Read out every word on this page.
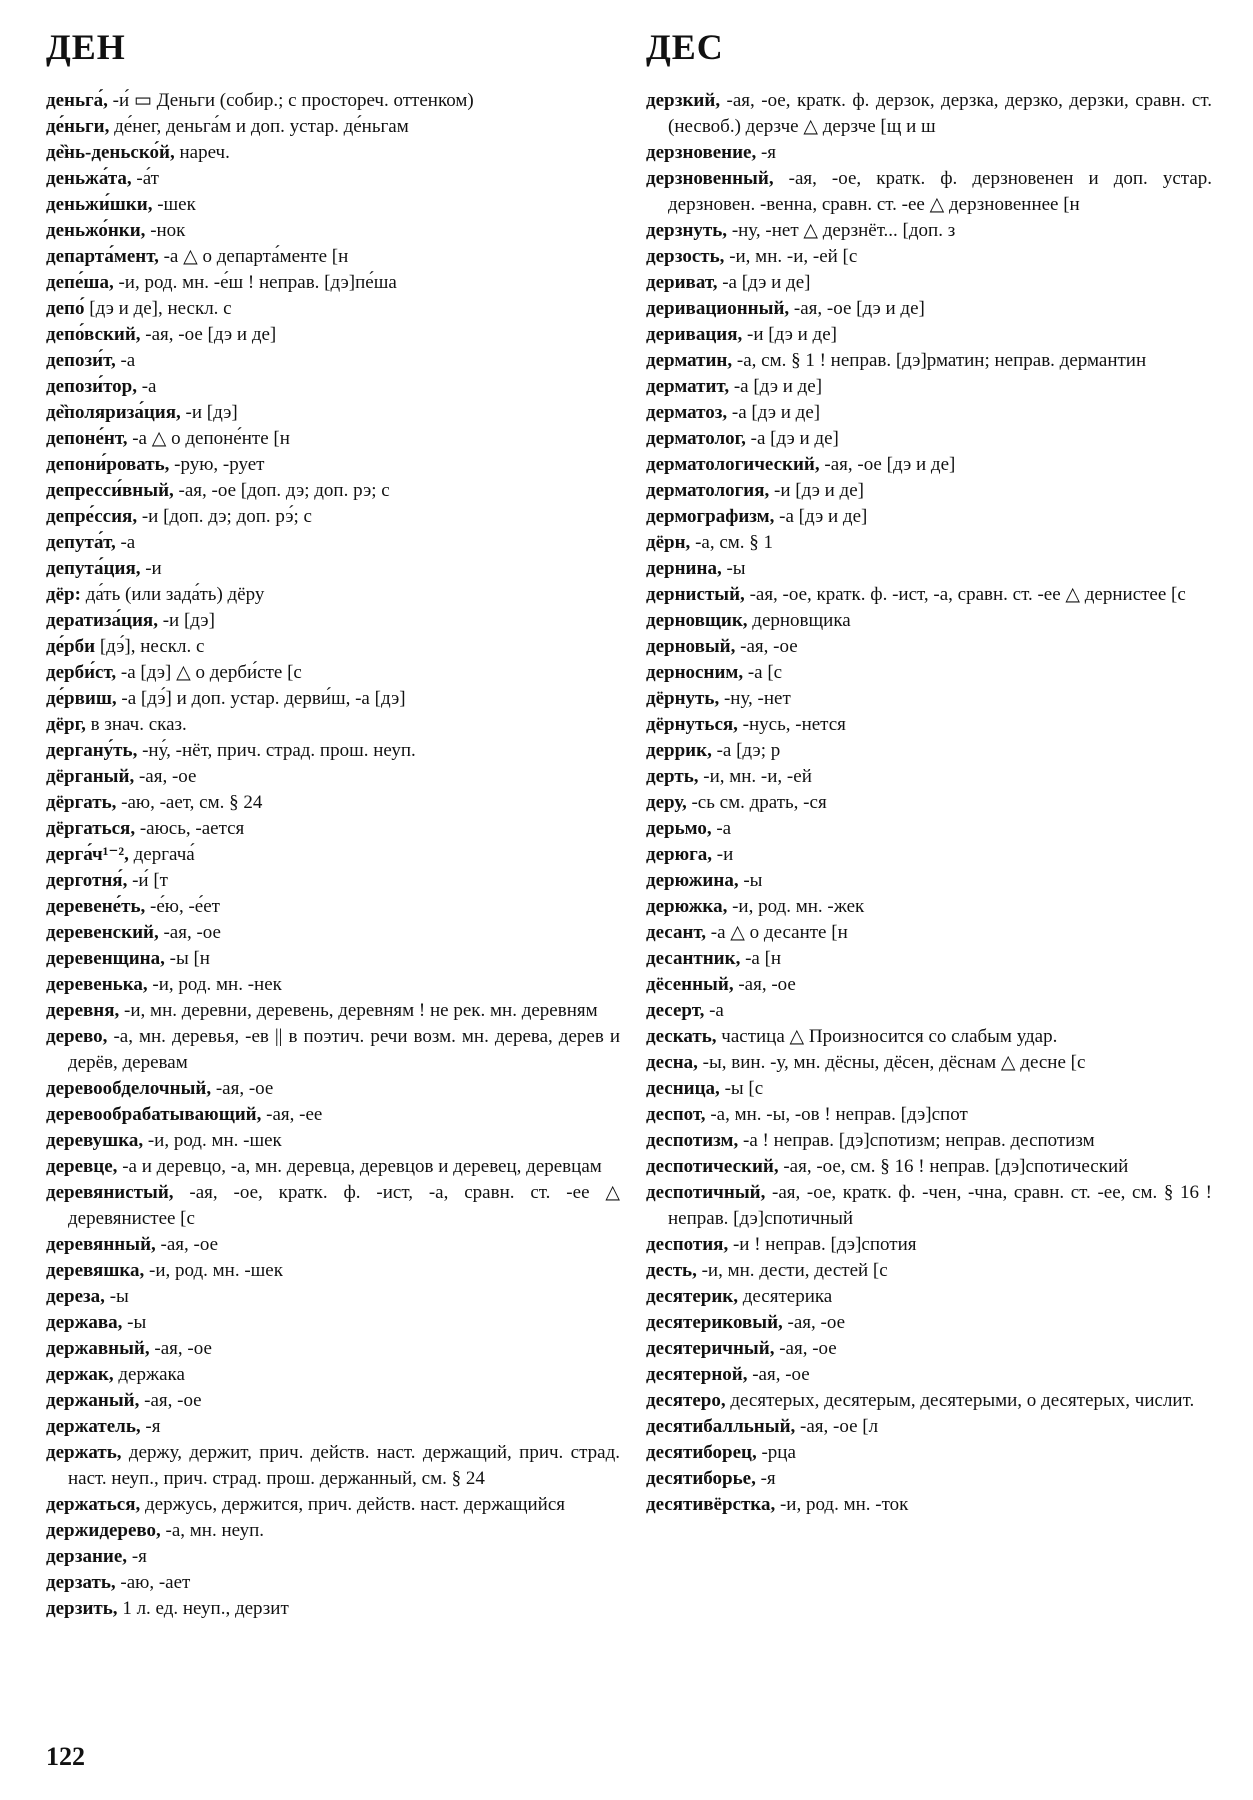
ДЕН	ДЕС

деньга́, -и́ ▭ Деньги (собир.; с простореч. оттенком)

де́ньги, де́нег, деньга́м и доп. устар. де́ньгам

де̏нь-деньско́й, нареч.

деньжа́та, -а́т

деньжи́шки, -шек

деньжо́нки, -нок

департа́мент, -а △ о департа́менте [н

депе́ша, -и, род. мн. -е́ш ! неправ. [дэ]пе́ша

депо́ [дэ и де], нескл. с

депо́вский, -ая, -ое [дэ и де]

депози́т, -а

депози́тор, -а

де̏поляриза́ция, -и [дэ]

депоне́нт, -а △ о депоне́нте [н

депони́ровать, -рую, -рует

депресси́вный, -ая, -ое [доп. дэ; доп. рэ; с

депре́ссия, -и [доп. дэ; доп. рэ́; с

депута́т, -а

депута́ция, -и

дёр: да́ть (или зада́ть) дёру

дератиза́ция, -и [дэ]

де́рби [дэ́], нескл. с

дерби́ст, -а [дэ] △ о дерби́сте [с

де́рвиш, -а [дэ́] и доп. устар. дерви́ш, -а [дэ]

дёрг, в знач. сказ.

дергану́ть, -ну́, -нёт, прич. страд. прош. неуп.

дёрганый, -ая, -ое

дёргать, -аю, -ает, см. § 24

дёргаться, -аюсь, -ается

дерга́ч¹⁻², дергача́

дерготня́, -и́ [т

деревене́ть, -е́ю, -е́ет

деревенский, -ая, -ое

деревенщина, -ы [н

деревенька, -и, род. мн. -нек

деревня, -и, мн. деревни, деревень, деревням ! не рек. мн. деревням

дерево, -а, мн. деревья, -ев || в поэтич. речи возм. мн. дерева, дерев и дерёв, деревам

деревообделочный, -ая, -ое

деревообрабатывающий, -ая, -ее

деревушка, -и, род. мн. -шек

деревце, -а и деревцо, -а, мн. деревца, деревцов и деревец, деревцам

деревянистый, -ая, -ое, кратк. ф. -ист, -а, сравн. ст. -ее △ деревянистее [с

деревянный, -ая, -ое

деревяшка, -и, род. мн. -шек

дереза, -ы

держава, -ы

державный, -ая, -ое

держак, держака

держаный, -ая, -ое

держатель, -я

держать, держу, держит, прич. действ. наст. держащий, прич. страд. наст. неуп., прич. страд. прош. держанный, см. § 24

держаться, держусь, держится, прич. действ. наст. держащийся

держидерево, -а, мн. неуп.

дерзание, -я

дерзать, -аю, -ает

дерзить, 1 л. ед. неуп., дерзит

дерзкий, -ая, -ое, кратк. ф. дерзок, дерзка, дерзко, дерзки, сравн. ст. (несвоб.) дерзче △ дерзче [щ и ш

дерзновение, -я

дерзновенный, -ая, -ое, кратк. ф. дерзновенен и доп. устар. дерзновен. -венна, сравн. ст. -ее △ дерзновеннее [н

дерзнуть, -ну, -нет △ дерзнёт... [доп. з

дерзость, -и, мн. -и, -ей [с

дериват, -а [дэ и де]

деривационный, -ая, -ое [дэ и де]

деривация, -и [дэ и де]

дерматин, -а, см. § 1 ! неправ. [дэ]рматин; неправ. дермантин

дерматит, -а [дэ и де]

дерматоз, -а [дэ и де]

дерматолог, -а [дэ и де]

дерматологический, -ая, -ое [дэ и де]

дерматология, -и [дэ и де]

дермографизм, -а [дэ и де]

дёрн, -а, см. § 1

дернина, -ы

дернистый, -ая, -ое, кратк. ф. -ист, -а, сравн. ст. -ее △ дернистее [с

дерновщик, дерновщика

дерновый, -ая, -ое

дерносним, -а [с

дёрнуть, -ну, -нет

дёрнуться, -нусь, -нется

деррик, -а [дэ; р

дерть, -и, мн. -и, -ей

деру, -сь см. драть, -ся

дерьмо, -а

дерюга, -и

дерюжина, -ы

дерюжка, -и, род. мн. -жек

десант, -а △ о десанте [н

десантник, -а [н

дёсенный, -ая, -ое

десерт, -а

дескать, частица △ Произносится со слабым удар.

десна, -ы, вин. -у, мн. дёсны, дёсен, дёснам △ десне [с

десница, -ы [с

деспот, -а, мн. -ы, -ов ! неправ. [дэ]спот

деспотизм, -а ! неправ. [дэ]спотизм; неправ. деспотизм

деспотический, -ая, -ое, см. § 16 ! неправ. [дэ]спотический

деспотичный, -ая, -ое, кратк. ф. -чен, -чна, сравн. ст. -ее, см. § 16 ! неправ. [дэ]спотичный

деспотия, -и ! неправ. [дэ]спотия

десть, -и, мн. дести, дестей [с

десятерик, десятерика

десятериковый, -ая, -ое

десятеричный, -ая, -ое

десятерной, -ая, -ое

десятеро, десятерых, десятерым, десятерыми, о десятерых, числит.

десятибалльный, -ая, -ое [л

десятиборец, -рца

десятиборье, -я

десятивёрстка, -и, род. мн. -ток

122
